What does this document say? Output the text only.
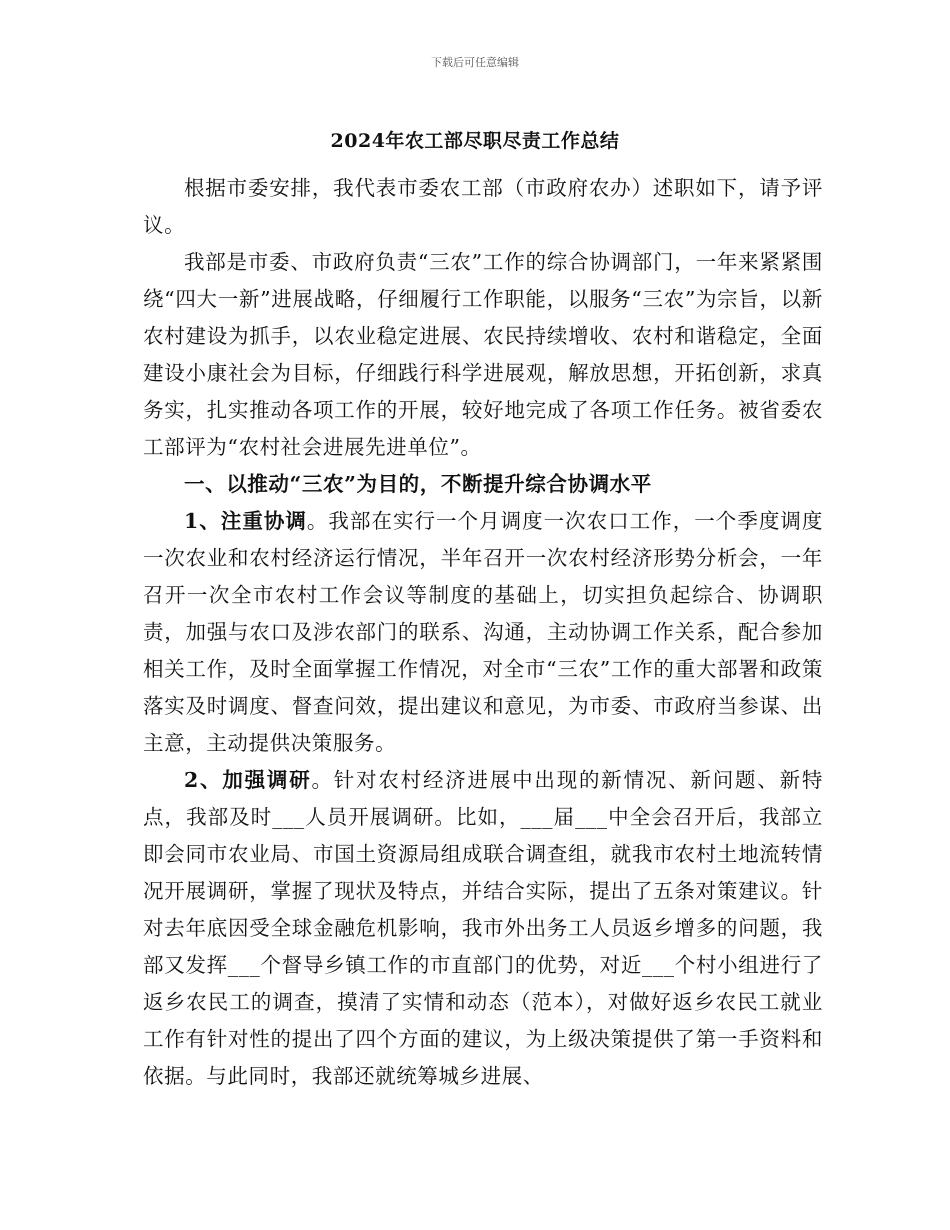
下载后可任意编辑
2024年农工部尽职尽责工作总结

根据市委安排，我代表市委农工部（市政府农办）述职如下，请予评议。

我部是市委、市政府负责“三农”工作的综合协调部门，一年来紧紧围绕“四大一新”进展战略，仔细履行工作职能，以服务“三农”为宗旨，以新农村建设为抓手，以农业稳定进展、农民持续增收、农村和谐稳定，全面建设小康社会为目标，仔细践行科学进展观，解放思想，开拓创新，求真务实，扎实推动各项工作的开展，较好地完成了各项工作任务。被省委农工部评为“农村社会进展先进单位”。

一、以推动“三农”为目的，不断提升综合协调水平

1、注重协调。我部在实行一个月调度一次农口工作，一个季度调度一次农业和农村经济运行情况，半年召开一次农村经济形势分析会，一年召开一次全市农村工作会议等制度的基础上，切实担负起综合、协调职责，加强与农口及涉农部门的联系、沟通，主动协调工作关系，配合参加相关工作，及时全面掌握工作情况，对全市“三农”工作的重大部署和政策落实及时调度、督查问效，提出建议和意见，为市委、市政府当参谋、出主意，主动提供决策服务。

2、加强调研。针对农村经济进展中出现的新情况、新问题、新特点，我部及时___人员开展调研。比如，___届___中全会召开后，我部立即会同市农业局、市国土资源局组成联合调查组，就我市农村土地流转情况开展调研，掌握了现状及特点，并结合实际，提出了五条对策建议。针对去年底因受全球金融危机影响，我市外出务工人员返乡增多的问题，我部又发挥___个督导乡镇工作的市直部门的优势，对近___个村小组进行了返乡农民工的调查，摸清了实情和动态（范本），对做好返乡农民工就业工作有针对性的提出了四个方面的建议，为上级决策提供了第一手资料和依据。与此同时，我部还就统筹城乡进展、
